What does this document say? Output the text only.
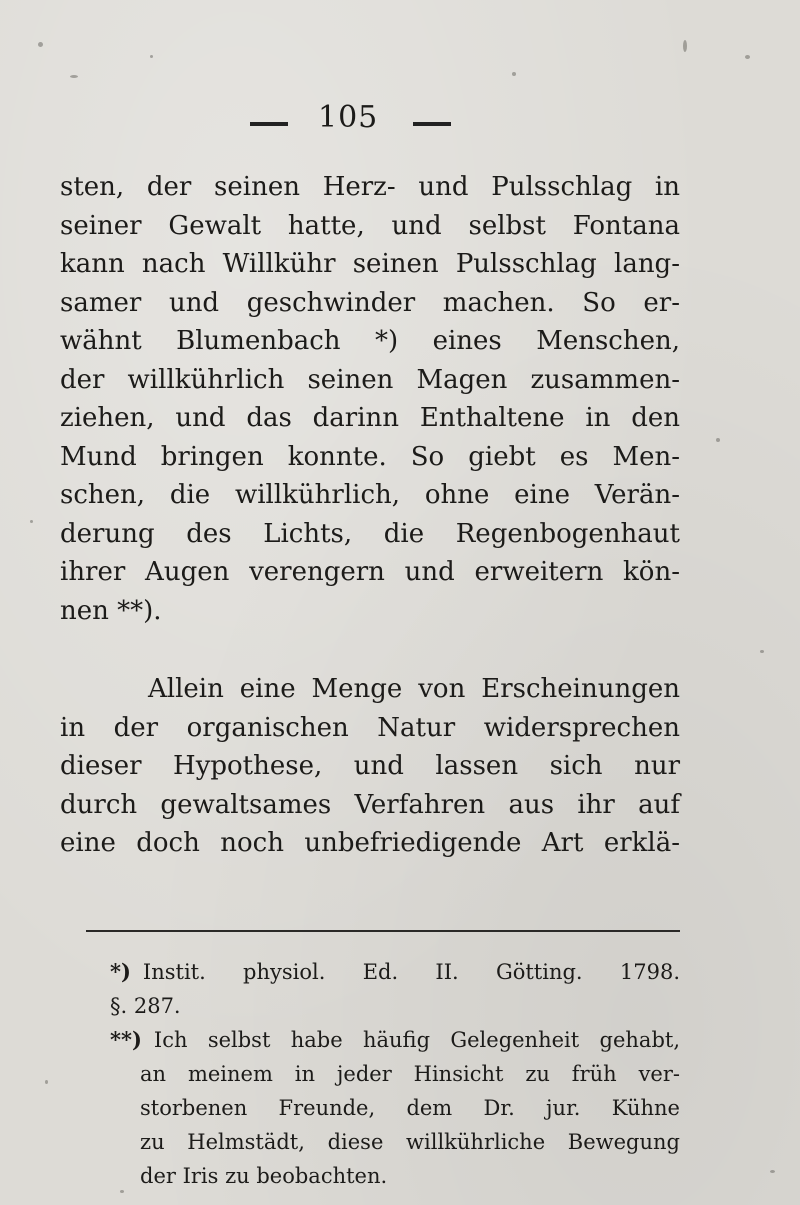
105
sten, der seinen Herz- und Pulsschlag in
seiner Gewalt hatte, und selbst Fontana
kann nach Willkühr seinen Pulsschlag lang-
samer und geschwinder machen. So er-
wähnt Blumenbach *) eines Menschen,
der willkührlich seinen Magen zusammen-
ziehen, und das darinn Enthaltene in den
Mund bringen konnte. So giebt es Men-
schen, die willkührlich, ohne eine Verän-
derung des Lichts, die Regenbogenhaut
ihrer Augen verengern und erweitern kön-
nen **).
Allein eine Menge von Erscheinungen
in der organischen Natur widersprechen
dieser Hypothese, und lassen sich nur
durch gewaltsames Verfahren aus ihr auf
eine doch noch unbefriedigende Art erklä-
*) Instit. physiol. Ed. II. Götting. 1798.
§. 287.
**) Ich selbst habe häufig Gelegenheit gehabt,
an meinem in jeder Hinsicht zu früh ver-
storbenen Freunde, dem Dr. jur. Kühne
zu Helmstädt, diese willkührliche Bewegung
der Iris zu beobachten.
